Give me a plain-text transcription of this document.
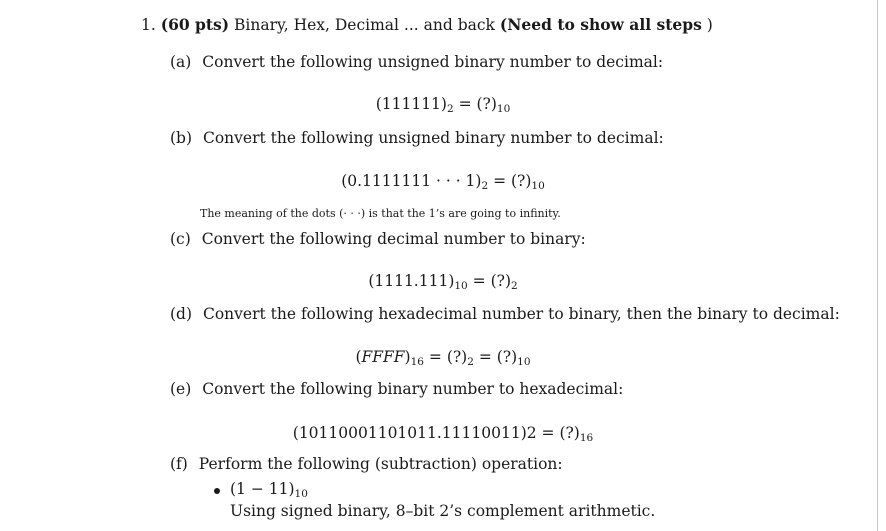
1. (60 pts) Binary, Hex, Decimal ... and back (Need to show all steps )
(a) Convert the following unsigned binary number to decimal:
$(111111)_2$ = $(?)_{10}$
(b) Convert the following unsigned binary number to decimal:
(0.1111111 · · · $1)_2$ = $(?)_{10}$
The meaning of the dots (· · ·) is that the 1’s are going to infinity.
(c) Convert the following decimal number to binary:
$(1111.111)_{10}$ = $(?)_2$
(d) Convert the following hexadecimal number to binary, then the binary to decimal:
$(FFFF)_{16}$ = $(?)_2$ = $(?)_{10}$
(e) Convert the following binary number to hexadecimal:
$(10110001101011.11110011)2 = (?)_{16}$
(f) Perform the following (subtraction) operation:
$(1 - 11)_{10}$
Using signed binary, 8–bit 2’s complement arithmetic.
